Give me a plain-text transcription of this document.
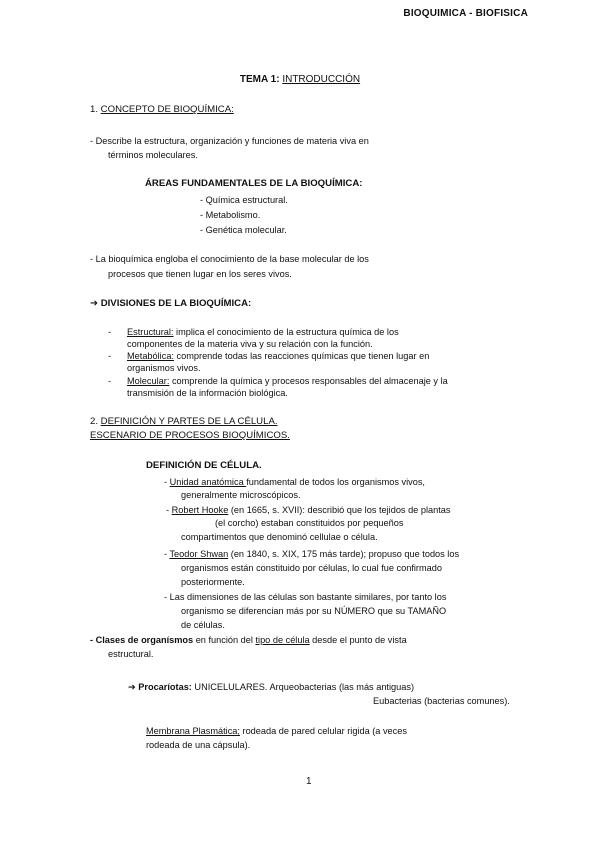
BIOQUIMICA - BIOFISICA
TEMA 1: INTRODUCCIÓN
1. CONCEPTO DE BIOQUÍMICA:
- Describe la estructura, organización y funciones de materia viva en
términos moleculares.
ÁREAS FUNDAMENTALES DE LA BIOQUÍMICA:
- Química estructural.
- Metabolismo.
- Genética molecular.
- La bioquímica engloba el conocimiento de la base molecular de los
procesos que tienen lugar en los seres vivos.
➔ DIVISIONES DE LA BIOQUÍMICA:
- Estructural: implica el conocimiento de la estructura química de los
componentes de la materia viva y su relación con la función.
- Metabólica: comprende todas las reacciones químicas que tienen lugar en
organismos vivos.
- Molecular: comprende la química y procesos responsables del almacenaje y la
transmisión de la información biológica.
2. DEFINICIÓN Y PARTES DE LA CÉLULA.
ESCENARIO DE PROCESOS BIOQUÍMICOS.
DEFINICIÓN DE CÉLULA.
- Unidad anatómica fundamental de todos los organismos vivos,
generalmente microscópicos.
- Robert Hooke (en 1665, s. XVII): describió que los tejidos de plantas
(el corcho) estaban constituidos por pequeños
compartimentos que denominó cellulae o célula.
- Teodor Shwan (en 1840, s. XIX, 175 más tarde); propuso que todos los
organismos están constituido por células, lo cual fue confirmado
posteriormente.
- Las dimensiones de las células son bastante similares, por tanto los
organismo se diferencian más por su NÚMERO que su TAMAÑO
de células.
- Clases de organísmos en función del tipo de célula desde el punto de vista
estructural.
➔ Procaríotas: UNICELULARES. Arqueobacterias (las más antiguas)
Eubacterias (bacterias comunes).
Membrana Plasmática; rodeada de pared celular rigida (a veces
rodeada de una cápsula).
1
